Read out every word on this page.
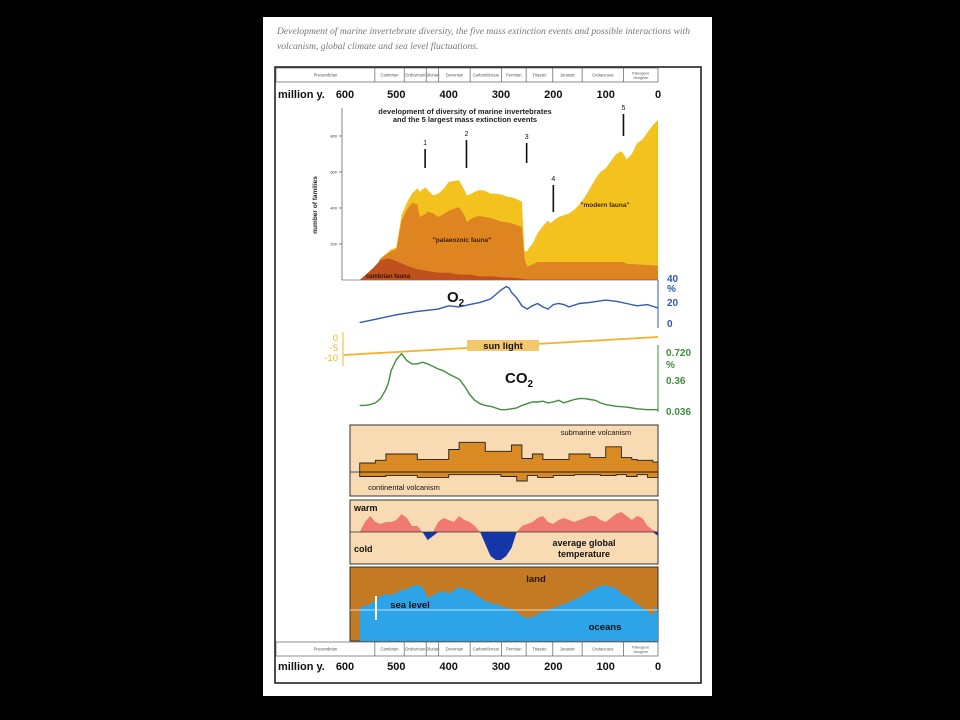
Development of marine invertebrate diversity, the five mass extinction events and possible interactions with volcanism, global climate and sea level fluctuations.
Precambrian	Cambrian Ordovician Silurian Devonian Carboniferous Permian	Triassic	Jurassic	Cretaceous	Paleogene
Neogene
million y. 600	500	400	300	200	100	0
development of diversity of marine invertebrates
and the 5 largest mass extinction events
number of families
200
400
600
800
"modern fauna"
"palaeozoic fauna"
cambrian fauna
1
2	3
4
5
$O_2$
40
%
20
0
0
-5
-10
sun light
$CO_2$
0.720
%
0.36
0.036
submarine volcanism
continental volcanism
warm
cold
average global
temperature
land
sea level
oceans
Precambrian	Cambrian Ordovician Silurian Devonian Carboniferous Permian	Triassic	Jurassic	Cretaceous	Paleogene
Neogene
million y. 600	500	400	300	200	100	0
